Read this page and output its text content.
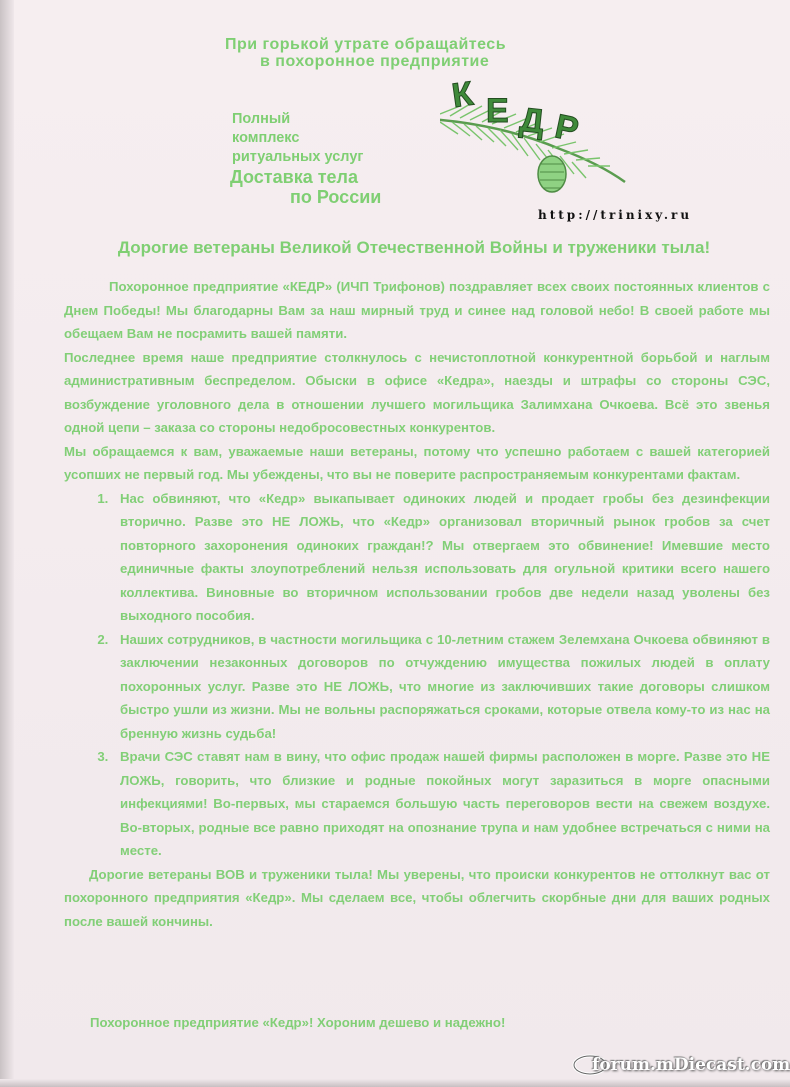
При горькой утрате обращайтесь
в похоронное предприятие
Полный
комплекс
ритуальных услуг
Доставка тела
по России
К Е Д Р
http://trinixy.ru
Дорогие ветераны Великой Отечественной Войны и труженики тыла!

Похоронное предприятие «КЕДР» (ИЧП Трифонов) поздравляет всех своих постоянных клиентов с Днем Победы! Мы благодарны Вам за наш мирный труд и синее над головой небо! В своей работе мы обещаем Вам не посрамить вашей памяти.

Последнее время наше предприятие столкнулось с нечистоплотной конкурентной борьбой и наглым административным беспределом. Обыски в офисе «Кедра», наезды и штрафы со стороны СЭС, возбуждение уголовного дела в отношении лучшего могильщика Залимхана Очкоева. Всё это звенья одной цепи – заказа со стороны недобросовестных конкурентов.

Мы обращаемся к вам, уважаемые наши ветераны, потому что успешно работаем с вашей категорией усопших не первый год. Мы убеждены, что вы не поверите распространяемым конкурентами фактам.

1. Нас обвиняют, что «Кедр» выкапывает одиноких людей и продает гробы без дезинфекции вторично. Разве это НЕ ЛОЖЬ, что «Кедр» организовал вторичный рынок гробов за счет повторного захоронения одиноких граждан!? Мы отвергаем это обвинение! Имевшие место единичные факты злоупотреблений нельзя использовать для огульной критики всего нашего коллектива. Виновные во вторичном использовании гробов две недели назад уволены без выходного пособия.
2. Наших сотрудников, в частности могильщика с 10-летним стажем Зелемхана Очкоева обвиняют в заключении незаконных договоров по отчуждению имущества пожилых людей в оплату похоронных услуг. Разве это НЕ ЛОЖЬ, что многие из заключивших такие договоры слишком быстро ушли из жизни. Мы не вольны распоряжаться сроками, которые отвела кому-то из нас на бренную жизнь судьба!
3. Врачи СЭС ставят нам в вину, что офис продаж нашей фирмы расположен в морге. Разве это НЕ ЛОЖЬ, говорить, что близкие и родные покойных могут заразиться в морге опасными инфекциями! Во-первых, мы стараемся большую часть переговоров вести на свежем воздухе. Во-вторых, родные все равно приходят на опознание трупа и нам удобнее встречаться с ними на месте.

Дорогие ветераны ВОВ и труженики тыла! Мы уверены, что происки конкурентов не оттолкнут вас от похоронного предприятия «Кедр». Мы сделаем все, чтобы облегчить скорбные дни для ваших родных после вашей кончины.

Похоронное предприятие «Кедр»! Хороним дешево и надежно!
forum.mDiecast.com
